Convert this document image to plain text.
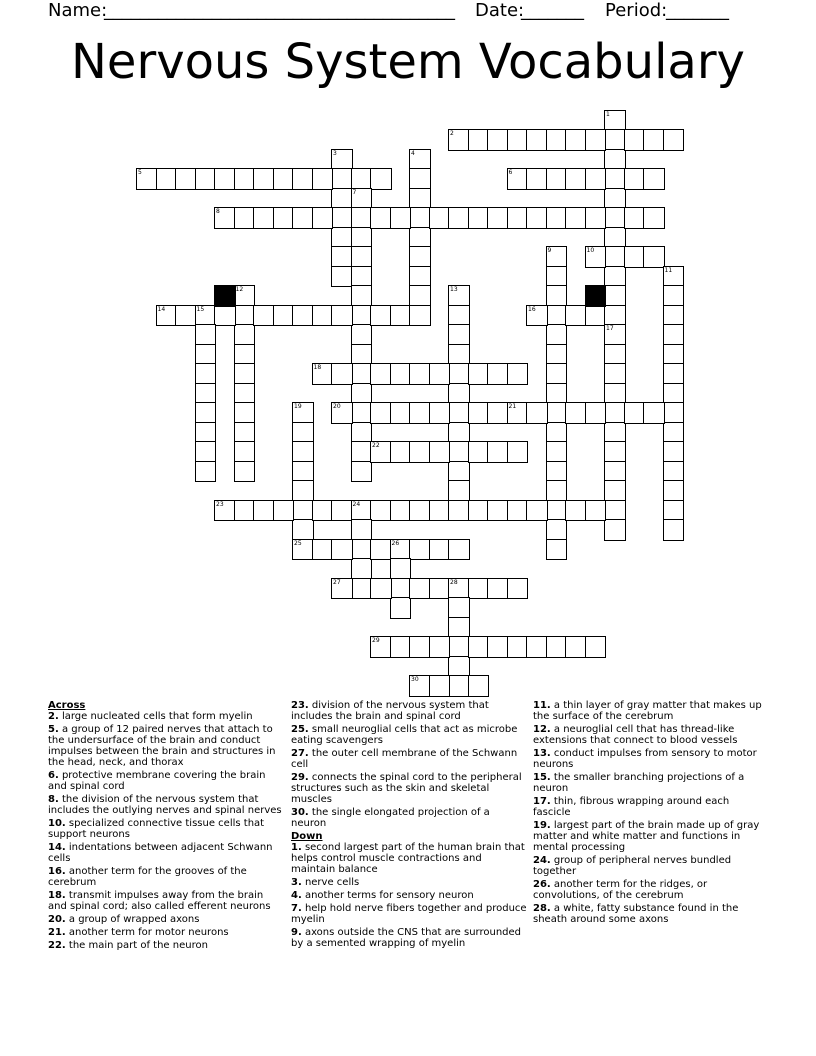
Name:
_______________________________________ Date:
_______ Period:
_______
Nervous System Vocabulary
1
2
3	4
5	6
7
8
9	10
11
12	13
14	15	16
17
18
19
25
20	21
22
23	24
26
27	28
29
30
Across
2. large nucleated cells that form myelin
5. a group of 12 paired nerves that attach to the undersurface of the brain and conduct impulses between the brain and structures in the head, neck, and thorax
6. protective membrane covering the brain and spinal cord
8. the division of the nervous system that includes the outlying nerves and spinal nerves
10. specialized connective tissue cells that support neurons
14. indentations between adjacent Schwann cells
16. another term for the grooves of the cerebrum
18. transmit impulses away from the brain and spinal cord; also called efferent neurons
20. a group of wrapped axons
21. another term for motor neurons
22. the main part of the neuron
23. division of the nervous system that includes the brain and spinal cord
25. small neuroglial cells that act as microbe eating scavengers
27. the outer cell membrane of the Schwann cell
29. connects the spinal cord to the peripheral structures such as the skin and skeletal muscles
30. the single elongated projection of a neuron
Down
1. second largest part of the human brain that helps control muscle contractions and maintain balance
3. nerve cells
4. another terms for sensory neuron
7. help hold nerve fibers together and produce myelin
9. axons outside the CNS that are surrounded by a semented wrapping of myelin
11. a thin layer of gray matter that makes up the surface of the cerebrum
12. a neuroglial cell that has thread-like extensions that connect to blood vessels
13. conduct impulses from sensory to motor neurons
15. the smaller branching projections of a neuron
17. thin, fibrous wrapping around each fascicle
19. largest part of the brain made up of gray matter and white matter and functions in mental processing
24. group of peripheral nerves bundled together
26. another term for the ridges, or convolutions, of the cerebrum
28. a white, fatty substance found in the sheath around some axons
